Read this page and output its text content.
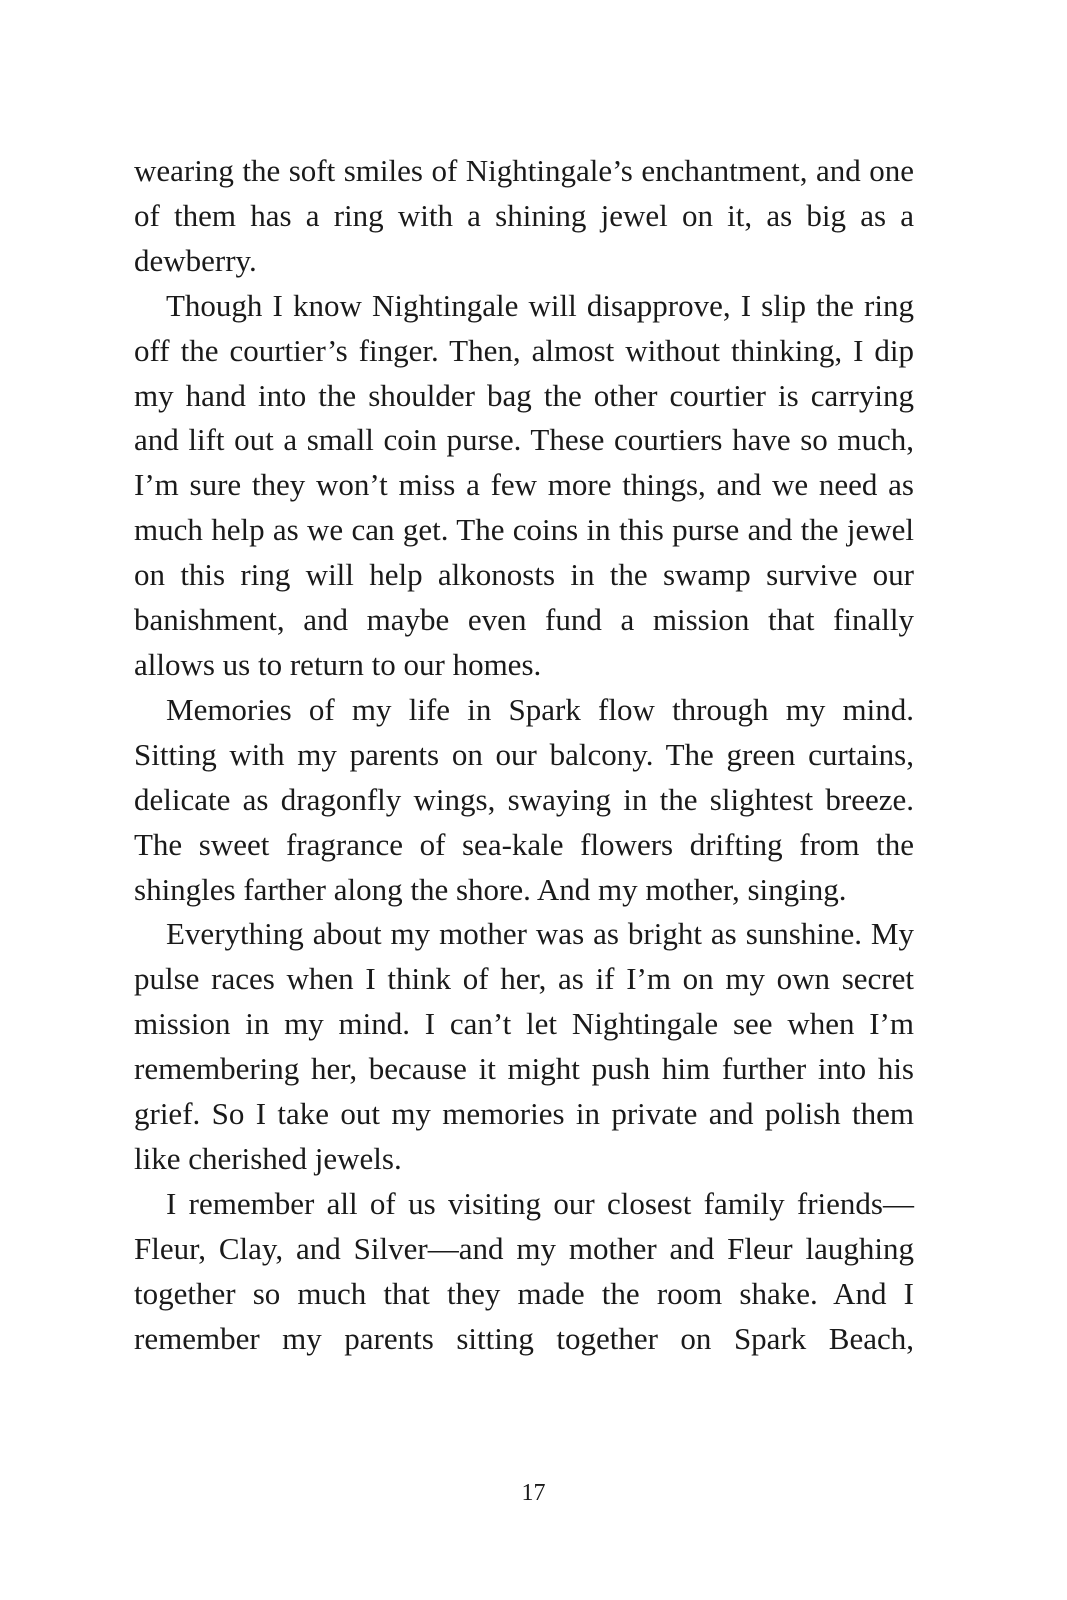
wearing the soft smiles of Nightingale’s enchantment, and one of them has a ring with a shining jewel on it, as big as a dewberry.

Though I know Nightingale will disapprove, I slip the ring off the courtier’s finger. Then, almost without thinking, I dip my hand into the shoulder bag the other courtier is carrying and lift out a small coin purse. These courtiers have so much, I’m sure they won’t miss a few more things, and we need as much help as we can get. The coins in this purse and the jewel on this ring will help alkonosts in the swamp survive our banishment, and maybe even fund a mission that finally allows us to return to our homes.

Memories of my life in Spark flow through my mind. Sitting with my parents on our balcony. The green curtains, delicate as dragonfly wings, swaying in the slightest breeze. The sweet fragrance of sea-kale flowers drifting from the shingles farther along the shore. And my mother, singing.

Everything about my mother was as bright as sunshine. My pulse races when I think of her, as if I’m on my own secret mission in my mind. I can’t let Nightingale see when I’m remembering her, because it might push him further into his grief. So I take out my memories in private and polish them like cherished jewels.

I remember all of us visiting our closest family friends—Fleur, Clay, and Silver—and my mother and Fleur laughing together so much that they made the room shake. And I remember my parents sitting together on Spark Beach,

17
